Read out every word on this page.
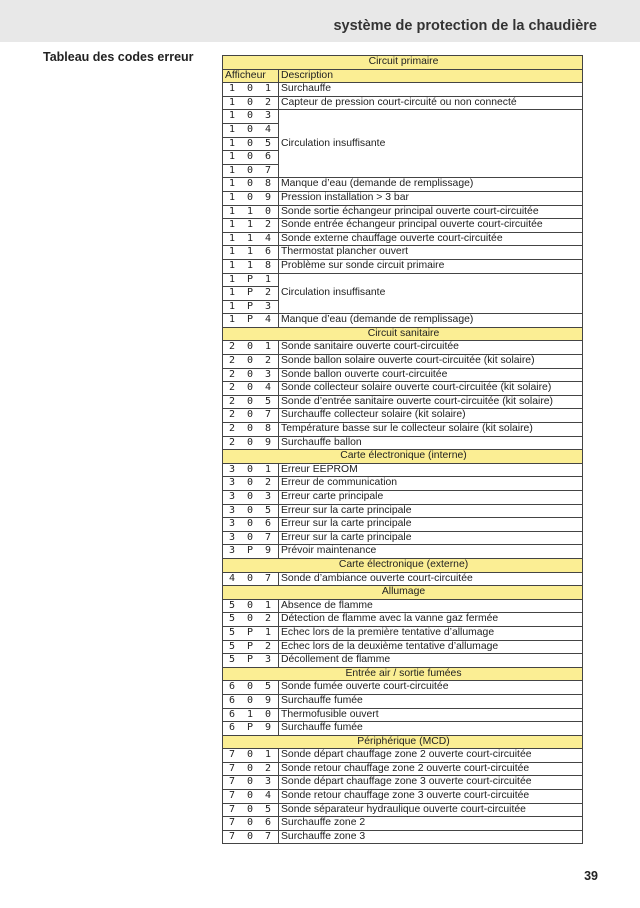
système de protection de la chaudière
Tableau des codes erreur	Circuit primaire	
Afficheur	Description
1 0 1	Surchauffe
1 0 2	Capteur de pression court-circuité ou non connecté
1 0 3	Circulation insuffisante
1 0 4	
1 0 5	
1 0 6	
1 0 7	
1 0 8	Manque d’eau (demande de remplissage)
1 0 9	Pression installation > 3 bar
1 1 0	Sonde sortie échangeur principal ouverte court-circuitée
1 1 2	Sonde entrée échangeur principal ouverte court-circuitée
1 1 4	Sonde externe chauffage ouverte court-circuitée
1 1 6	Thermostat plancher ouvert
1 1 8	Problème sur sonde circuit primaire
1 P 1	Circulation insuffisante
1 P 2	
1 P 3	
1 P 4	Manque d’eau (demande de remplissage)
Circuit sanitaire	
2 0 1	Sonde sanitaire ouverte court-circuitée
2 0 2	Sonde ballon solaire ouverte court-circuitée (kit solaire)
2 0 3	Sonde ballon ouverte court-circuitée
2 0 4	Sonde collecteur solaire ouverte court-circuitée (kit solaire)
2 0 5	Sonde d’entrée sanitaire ouverte court-circuitée (kit solaire)
2 0 7	Surchauffe collecteur solaire (kit solaire)
2 0 8	Température basse sur le collecteur solaire (kit solaire)
2 0 9	Surchauffe ballon
Carte électronique (interne)	
3 0 1	Erreur EEPROM
3 0 2	Erreur de communication
3 0 3	Erreur carte principale
3 0 5	Erreur sur la carte principale
3 0 6	Erreur sur la carte principale
3 0 7	Erreur sur la carte principale
3 P 9	Prévoir maintenance
Carte électronique (externe)	
4 0 7	Sonde d’ambiance ouverte court-circuitée
Allumage	
5 0 1	Absence de flamme
5 0 2	Détection de flamme avec la vanne gaz fermée
5 P 1	Echec lors de la première tentative d’allumage
5 P 2	Echec lors de la deuxième tentative d’allumage
5 P 3	Décollement de flamme
Entrée air / sortie fumées	
6 0 5	Sonde fumée ouverte court-circuitée
6 0 9	Surchauffe fumée
6 1 0	Thermofusible ouvert
6 P 9	Surchauffe fumée
Périphérique (MCD)	
7 0 1	Sonde départ chauffage zone 2 ouverte court-circuitée
7 0 2	Sonde retour chauffage zone 2 ouverte court-circuitée
7 0 3	Sonde départ chauffage zone 3 ouverte court-circuitée
7 0 4	Sonde retour chauffage zone 3 ouverte court-circuitée
7 0 5	Sonde séparateur hydraulique ouverte court-circuitée
7 0 6	Surchauffe zone 2
7 0 7	Surchauffe zone 3
39
